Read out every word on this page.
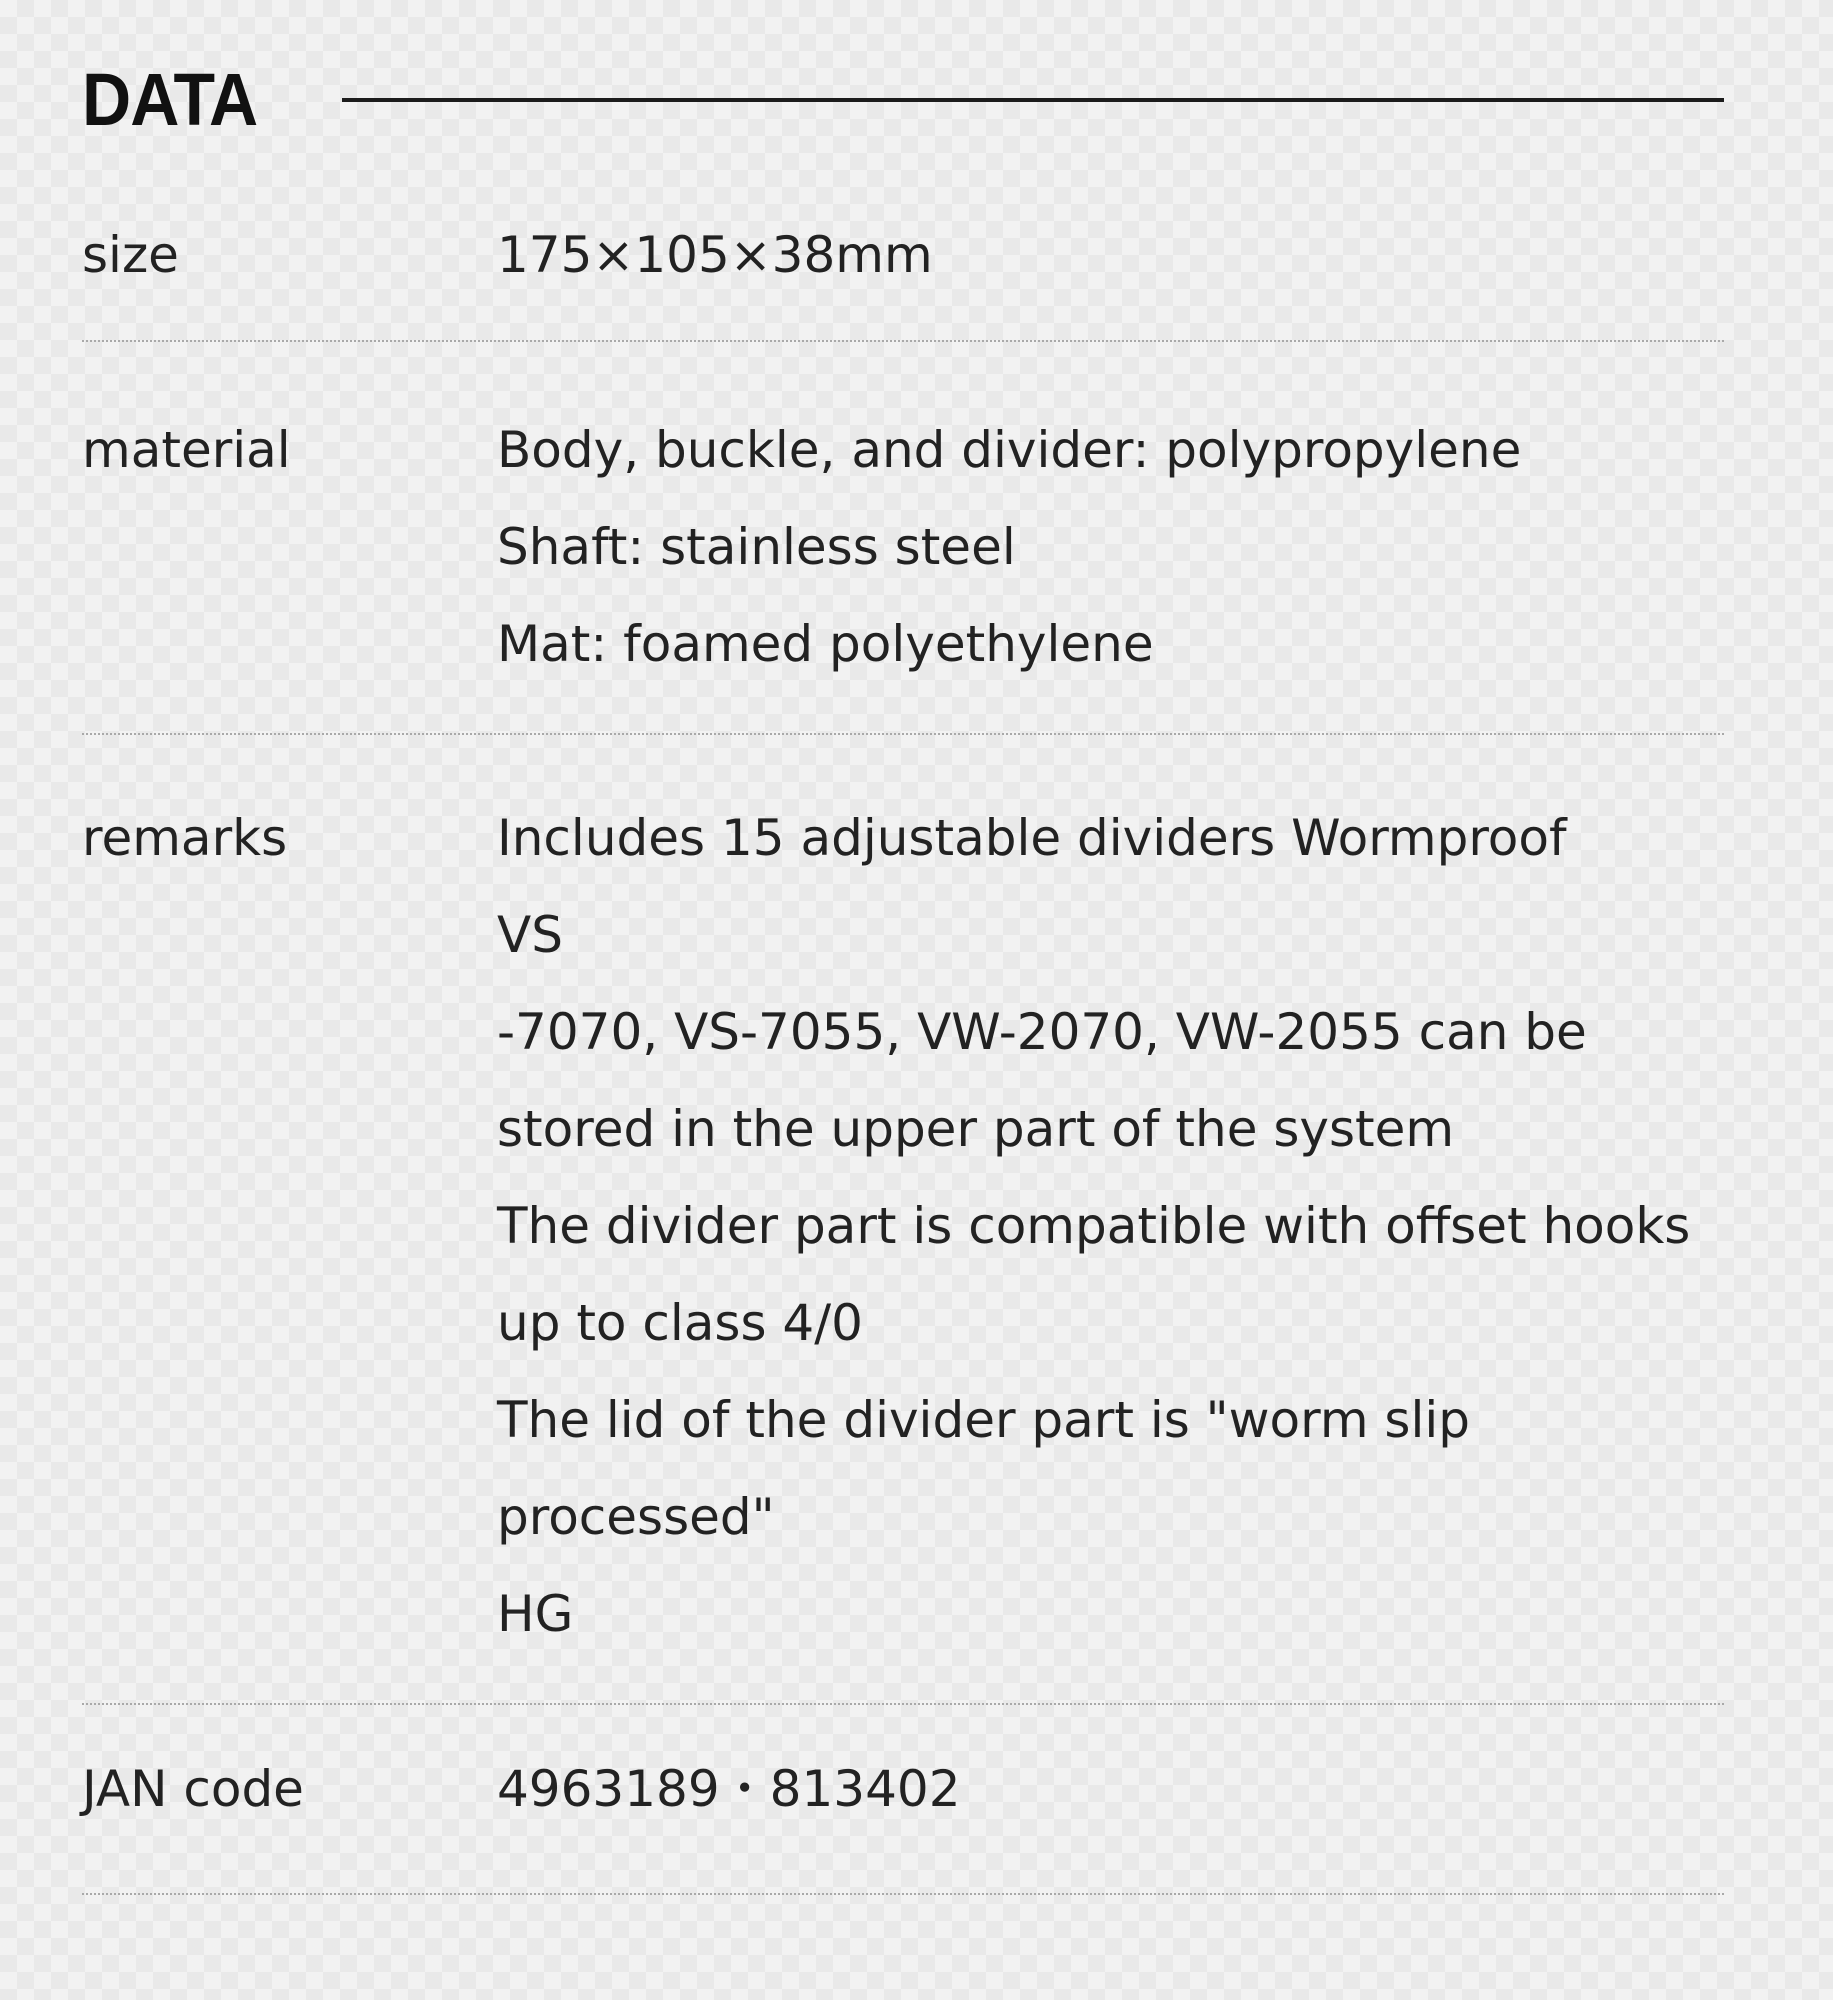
DATA
size	175×105×38mm
material	Body, buckle, and divider: polypropylene
Shaft: stainless steel
Mat: foamed polyethylene
remarks	Includes 15 adjustable dividers Wormproof
VS
-7070, VS-7055, VW-2070, VW-2055 can be
stored in the upper part of the system
The divider part is compatible with offset hooks
up to class 4/0
The lid of the divider part is "worm slip
processed"
HG
JAN code	4963189・813402
